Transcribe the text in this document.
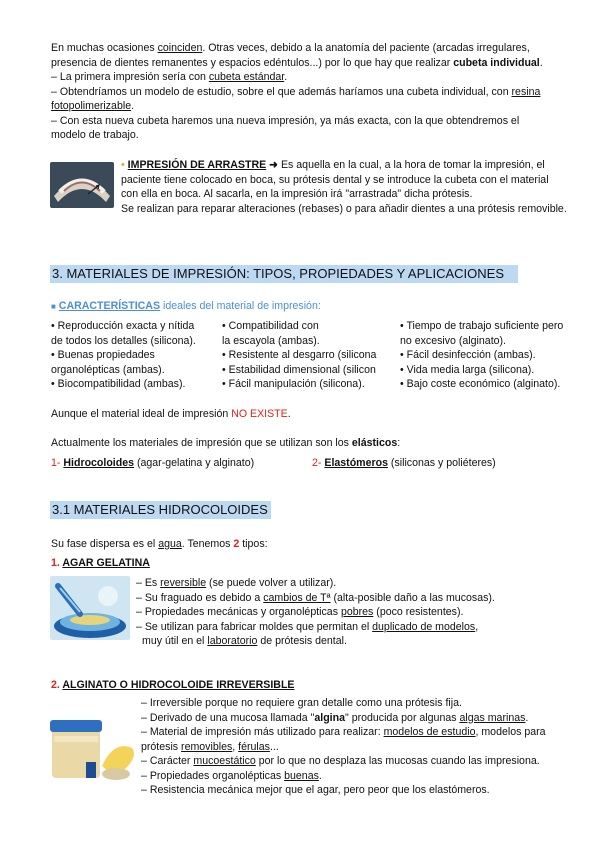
En muchas ocasiones coinciden. Otras veces, debido a la anatomía del paciente (arcadas irregulares,

presencia de dientes remanentes y espacios edéntulos...) por lo que hay que realizar cubeta individual.

– La primera impresión sería con cubeta estándar.

– Obtendríamos un modelo de estudio, sobre el que además haríamos una cubeta individual, con resina

fotopolimerizable.

– Con esta nueva cubeta haremos una nueva impresión, ya más exacta, con la que obtendremos el

modelo de trabajo.

• IMPRESIÓN DE ARRASTRE ➜ Es aquella en la cual, a la hora de tomar la impresión, el

paciente tiene colocado en boca, su prótesis dental y se introduce la cubeta con el material

con ella en boca. Al sacarla, en la impresión irá "arrastrada" dicha prótesis.

Se realizan para reparar alteraciones (rebases) o para añadir dientes a una prótesis removible.

3. MATERIALES DE IMPRESIÓN: TIPOS, PROPIEDADES Y APLICACIONES
■ CARACTERÍSTICAS ideales del material de impresión:

• Reproducción exacta y nítida

de todos los detalles (silicona).

• Buenas propiedades

organolépticas (ambas).

• Biocompatibilidad (ambas).

• Compatibilidad con

la escayola (ambas).

• Resistente al desgarro (silicona

• Estabilidad dimensional (silicon

• Fácil manipulación (silicona).

• Tiempo de trabajo suficiente pero

no excesivo (alginato).

• Fácil desinfección (ambas).

• Vida media larga (silicona).

• Bajo coste económico (alginato).

Aunque el material ideal de impresión NO EXISTE.

Actualmente los materiales de impresión que se utilizan son los elásticos:

1- Hidrocoloides (agar-gelatina y alginato)	2- Elastómeros (siliconas y poliéteres)

3.1 MATERIALES HIDROCOLOIDES

Su fase dispersa es el agua. Tenemos 2 tipos:

1. AGAR GELATINA

– Es reversible (se puede volver a utilizar).

– Su fraguado es debido a cambios de Tª (alta-posible daño a las mucosas).

– Propiedades mecánicas y organolépticas pobres (poco resistentes).

– Se utilizan para fabricar moldes que permitan el duplicado de modelos,

muy útil en el laboratorio de prótesis dental.

2. ALGINATO O HIDROCOLOIDE IRREVERSIBLE

– Irreversible porque no requiere gran detalle como una prótesis fija.

– Derivado de una mucosa llamada "algina" producida por algunas algas marinas.

– Material de impresión más utilizado para realizar: modelos de estudio, modelos para

prótesis removibles, férulas...

– Carácter mucoestático por lo que no desplaza las mucosas cuando las impresiona.

– Propiedades organolépticas buenas.

– Resistencia mecánica mejor que el agar, pero peor que los elastómeros.
